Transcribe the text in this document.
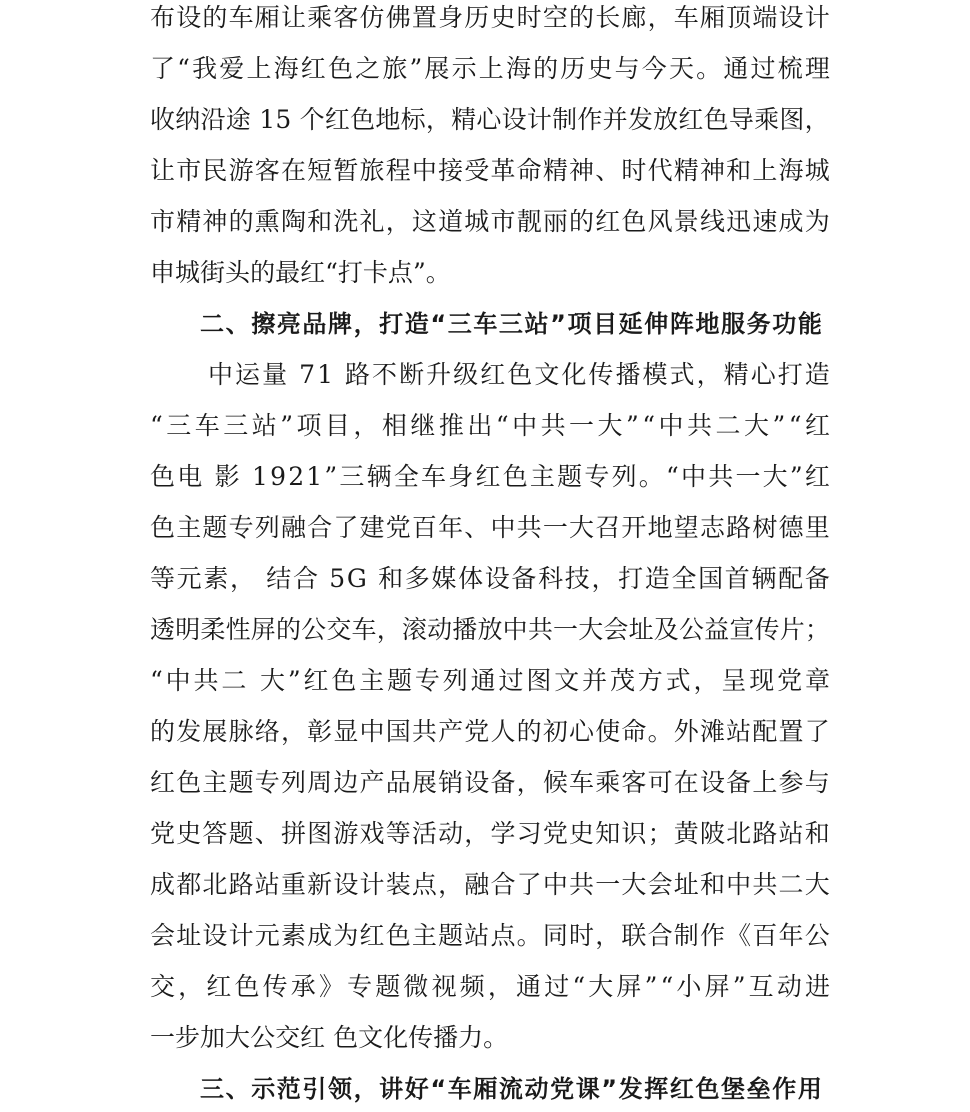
布 设 的 车 厢 让 乘 客 仿 佛 置 身 历 史 时 空 的 长 廊 ， 车 厢 顶 端 设 计
了 “ 我 爱 上 海 红 色 之 旅 ” 展 示 上 海 的 历 史 与 今 天 。 通 过 梳 理
收 纳 沿 途
1 5
个 红 色 地 标 ， 精 心 设 计 制 作 并 发 放 红 色 导 乘 图 ，
让 市 民 游 客 在 短 暂 旅 程 中 接 受 革 命 精 神 、 时 代 精 神 和 上 海 城
市 精 神 的 熏 陶 和 洗 礼 ， 这 道 城 市 靓 丽 的 红 色 风 景 线 迅 速 成 为
申 城 街 头 的 最 红 “ 打 卡 点 ” 。
二 、 擦 亮 品 牌 ， 打 造 “ 三 车 三 站 ” 项 目 延 伸 阵 地 服 务 功 能
中 运 量
7 1
路 不 断 升 级 红 色 文 化 传 播 模 式 ， 精 心 打 造
“ 三 车 三 站 ” 项 目 ， 相 继 推 出 “ 中 共 一 大 ” “ 中 共 二 大 ” “ 红
色 电
影
1 9 2 1 ” 三 辆 全 车 身 红 色 主 题 专 列 。 “ 中 共 一 大 ” 红
色 主 题 专 列 融 合 了 建 党 百 年 、 中 共 一 大 召 开 地 望 志 路 树 德 里
等 元 素 ，
结 合
5 G
和 多 媒 体 设 备 科 技 ， 打 造 全 国 首 辆 配 备
透 明 柔 性 屏 的 公 交 车 ， 滚 动 播 放 中 共 一 大 会 址 及 公 益 宣 传 片 ；
“ 中 共 二
大 ” 红 色 主 题 专 列 通 过 图 文 并 茂 方 式 ， 呈 现 党 章
的 发 展 脉 络 ， 彰 显 中 国 共 产 党 人 的 初 心 使 命 。 外 滩 站 配 置 了
红 色 主 题 专 列 周 边 产 品 展 销 设 备 ， 候 车 乘 客 可 在 设 备 上 参 与
党 史 答 题 、 拼 图 游 戏 等 活 动 ， 学 习 党 史 知 识 ； 黄 陂 北 路 站 和
成 都 北 路 站 重 新 设 计 装 点 ， 融 合 了 中 共 一 大 会 址 和 中 共 二 大
会 址 设 计 元 素 成 为 红 色 主 题 站 点 。 同 时 ， 联 合 制 作 《 百 年 公
交 ， 红 色 传 承 》 专 题 微 视 频 ， 通 过 “ 大 屏 ” “ 小 屏 ” 互 动 进
一 步 加 大 公 交 红
色 文 化 传 播 力 。
三 、 示 范 引 领 ， 讲 好 “ 车 厢 流 动 党 课 ” 发 挥 红 色 堡 垒 作 用
